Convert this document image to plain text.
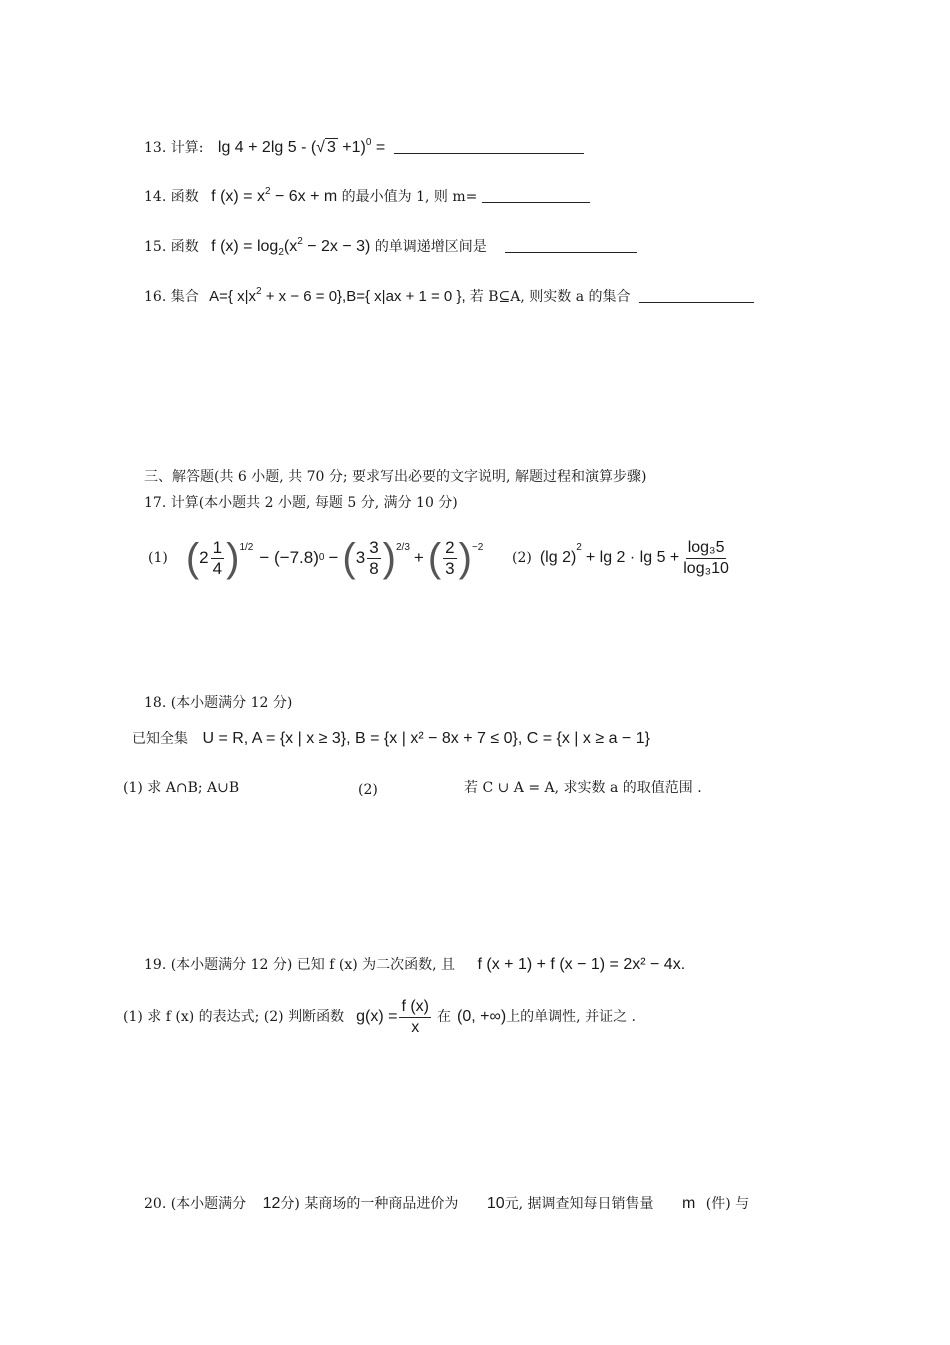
13. 计算: lg 4 + 2lg 5 - (√ 3 +1)$^0$ =
14. 函数 f $(x) = x^2 - 6x + m$ 的最小值为 1, 则 m=
15. 函数 f $(x) = \log_2(x^2 - 2x - 3)$ 的单调递增区间是
16. 集合 A={ $x|x^2 + x - 6 = 0\},B=${ x|ax + 1 = 0 }, 若 B⊆A, 则实数 a 的集合
三、解答题(共 6 小题, 共 70 分; 要求写出必要的文字说明, 解题过程和演算步骤)
17. 计算(本小题共 2 小题, 每题 5 分, 满分 10 分)
(1) ( $2 \frac{1}{4} )^{1/2}$
− (−7.8) 0 − ( $3 \frac{3}{8} )^{2/3}$
+ ( $\frac{2}{3} )^{-2}$
(2) (lg 2)
$^2$
+ $\lg 2 \cdot \lg 5 + \frac{\text{log₃5}}{\text{log₃10}}$
18. (本小题满分 12 分)
已知全集 U = R, A = {x | x ≥ 3}, B = {x | x² − 8x + 7 ≤ 0}, C = {x | x ≥ a − 1}
(1) 求 A∩B; A∪B	(2)	若 C ∪ A = A, 求实数 a 的取值范围 .
19. (本小题满分 12 分) 已知 f (x) 为二次函数, 且 f (x + 1) + f (x − 1) = 2x² − 4x.
(1) 求 f (x) 的表达式; (2) 判断函数 $g(x) = \frac{f (x)}{x}$ 在 (0, +∞) 上的单调性, 并证之 .
20. (本小题满分 12分) 某商场的一种商品进价为 10元, 据调查知每日销售量 m (件) 与
